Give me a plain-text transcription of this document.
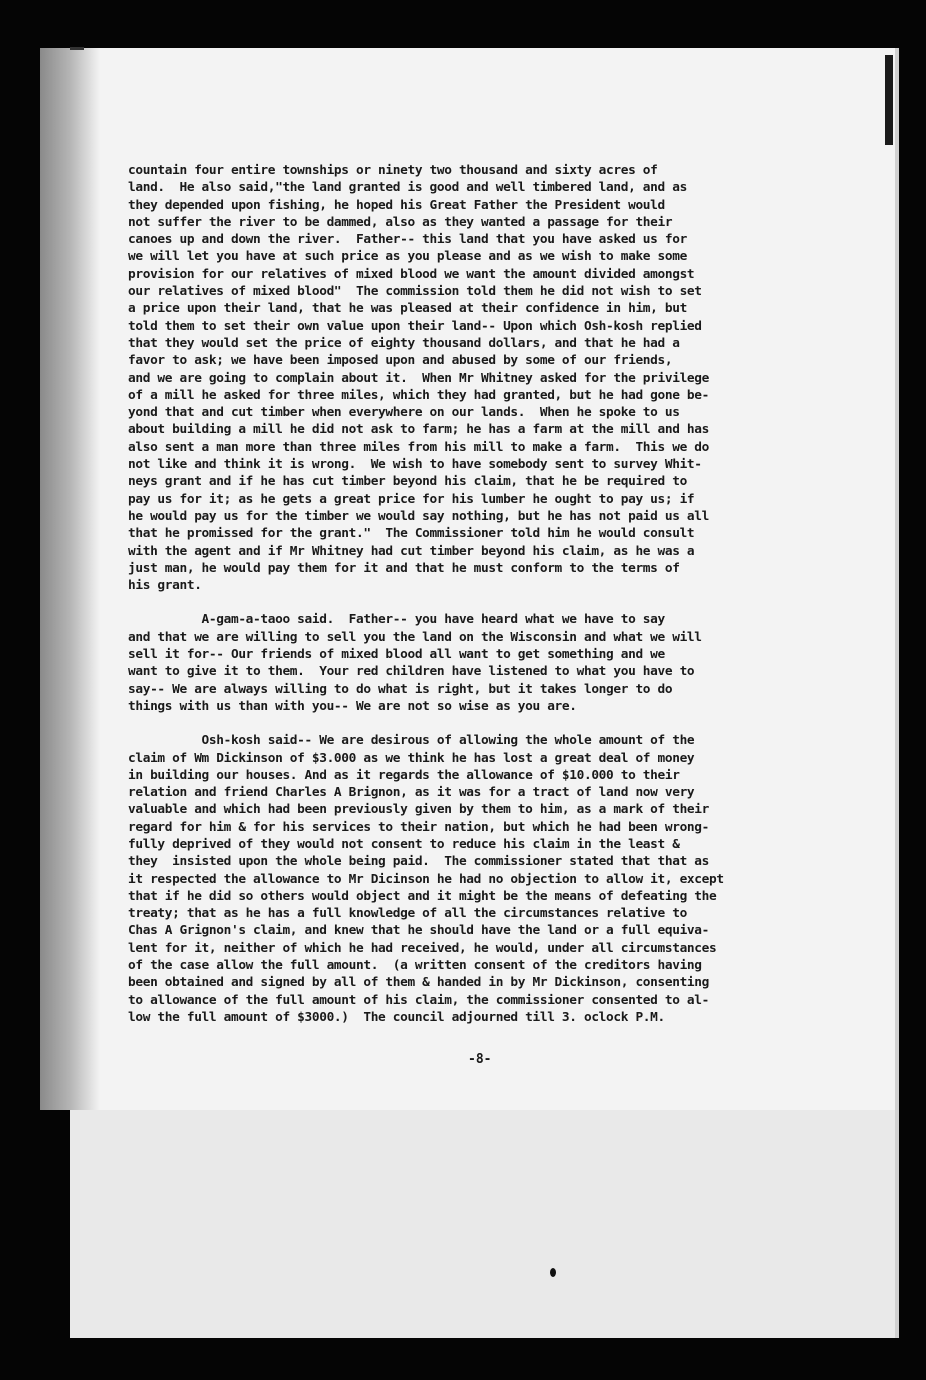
countain four entire townships or ninety two thousand and sixty acres of
land.  He also said,"the land granted is good and well timbered land, and as
they depended upon fishing, he hoped his Great Father the President would
not suffer the river to be dammed, also as they wanted a passage for their
canoes up and down the river.  Father-- this land that you have asked us for
we will let you have at such price as you please and as we wish to make some
provision for our relatives of mixed blood we want the amount divided amongst
our relatives of mixed blood"  The commission told them he did not wish to set
a price upon their land, that he was pleased at their confidence in him, but
told them to set their own value upon their land-- Upon which Osh-kosh replied
that they would set the price of eighty thousand dollars, and that he had a
favor to ask; we have been imposed upon and abused by some of our friends,
and we are going to complain about it.  When Mr Whitney asked for the privilege
of a mill he asked for three miles, which they had granted, but he had gone be-
yond that and cut timber when everywhere on our lands.  When he spoke to us
about building a mill he did not ask to farm; he has a farm at the mill and has
also sent a man more than three miles from his mill to make a farm.  This we do
not like and think it is wrong.  We wish to have somebody sent to survey Whit-
neys grant and if he has cut timber beyond his claim, that he be required to
pay us for it; as he gets a great price for his lumber he ought to pay us; if
he would pay us for the timber we would say nothing, but he has not paid us all
that he promissed for the grant."  The Commissioner told him he would consult
with the agent and if Mr Whitney had cut timber beyond his claim, as he was a
just man, he would pay them for it and that he must conform to the terms of
his grant.
A-gam-a-taoo said.  Father-- you have heard what we have to say
and that we are willing to sell you the land on the Wisconsin and what we will
sell it for-- Our friends of mixed blood all want to get something and we
want to give it to them.  Your red children have listened to what you have to
say-- We are always willing to do what is right, but it takes longer to do
things with us than with you-- We are not so wise as you are.
Osh-kosh said-- We are desirous of allowing the whole amount of the
claim of Wm Dickinson of $3.000 as we think he has lost a great deal of money
in building our houses. And as it regards the allowance of $10.000 to their
relation and friend Charles A Brignon, as it was for a tract of land now very
valuable and which had been previously given by them to him, as a mark of their
regard for him & for his services to their nation, but which he had been wrong-
fully deprived of they would not consent to reduce his claim in the least &
they  insisted upon the whole being paid.  The commissioner stated that that as
it respected the allowance to Mr Dicinson he had no objection to allow it, except
that if he did so others would object and it might be the means of defeating the
treaty; that as he has a full knowledge of all the circumstances relative to
Chas A Grignon's claim, and knew that he should have the land or a full equiva-
lent for it, neither of which he had received, he would, under all circumstances
of the case allow the full amount.  (a written consent of the creditors having
been obtained and signed by all of them & handed in by Mr Dickinson, consenting
to allowance of the full amount of his claim, the commissioner consented to al-
low the full amount of $3000.)  The council adjourned till 3. oclock P.M.
-8-
